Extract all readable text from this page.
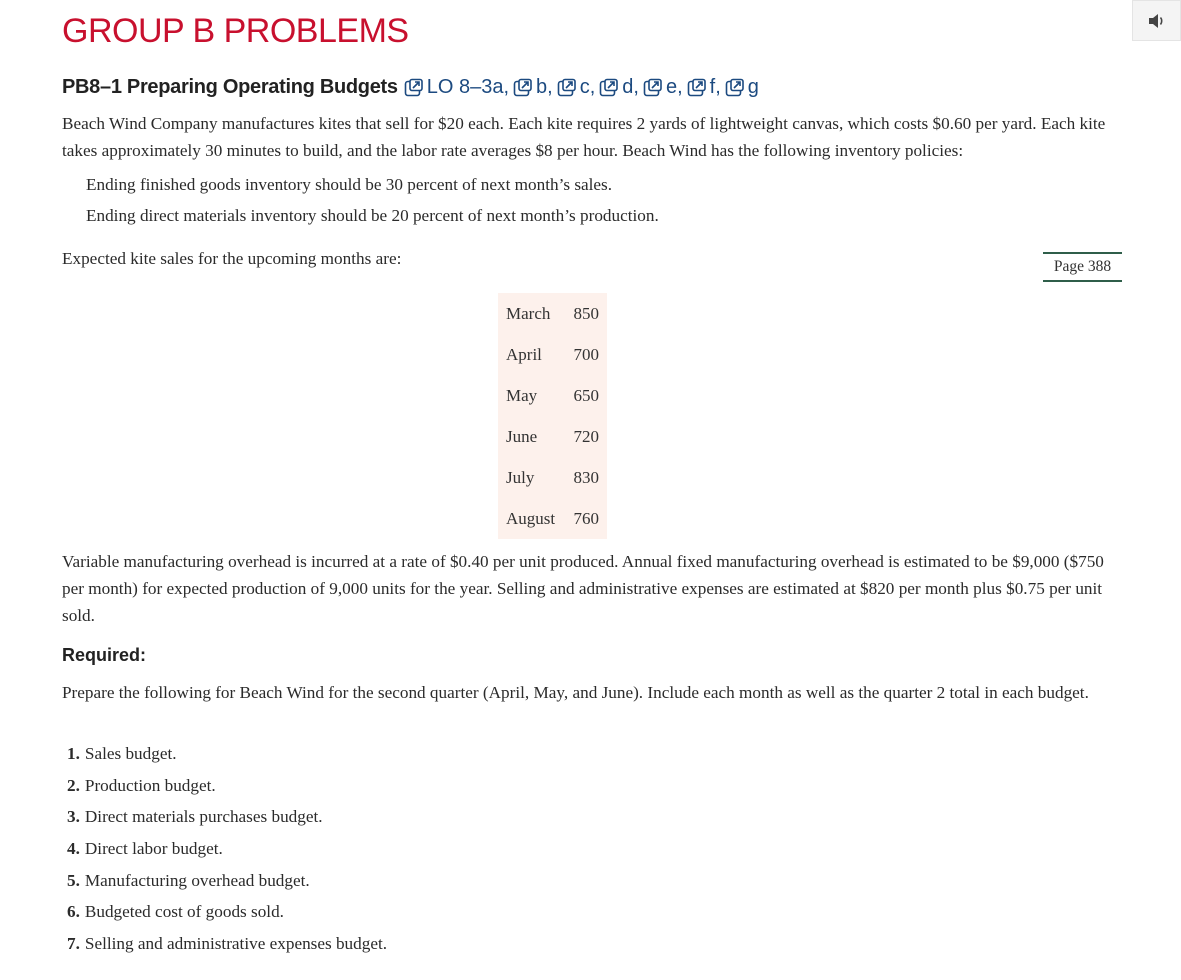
GROUP B PROBLEMS
PB8–1 Preparing Operating Budgets LO 8–3a , b , c , d , e , f , g

Beach Wind Company manufactures kites that sell for $20 each. Each kite requires 2 yards of lightweight canvas, which costs $0.60 per yard. Each kite takes approximately 30 minutes to build, and the labor rate averages $8 per hour. Beach Wind has the following inventory policies:

Ending finished goods inventory should be 30 percent of next month’s sales.

Ending direct materials inventory should be 20 percent of next month’s production.

Expected kite sales for the upcoming months are:	Page 388
March	850
April	700
May	650
June	720
July	830
August	760

Variable manufacturing overhead is incurred at a rate of $0.40 per unit produced. Annual fixed manufacturing overhead is estimated to be $9,000 ($750 per month) for expected production of 9,000 units for the year. Selling and administrative expenses are estimated at $820 per month plus $0.75 per unit sold.

Required:

Prepare the following for Beach Wind for the second quarter (April, May, and June). Include each month as well as the quarter 2 total in each budget.

1. Sales budget.
2. Production budget.
3. Direct materials purchases budget.
4. Direct labor budget.
5. Manufacturing overhead budget.
6. Budgeted cost of goods sold.
7. Selling and administrative expenses budget.
